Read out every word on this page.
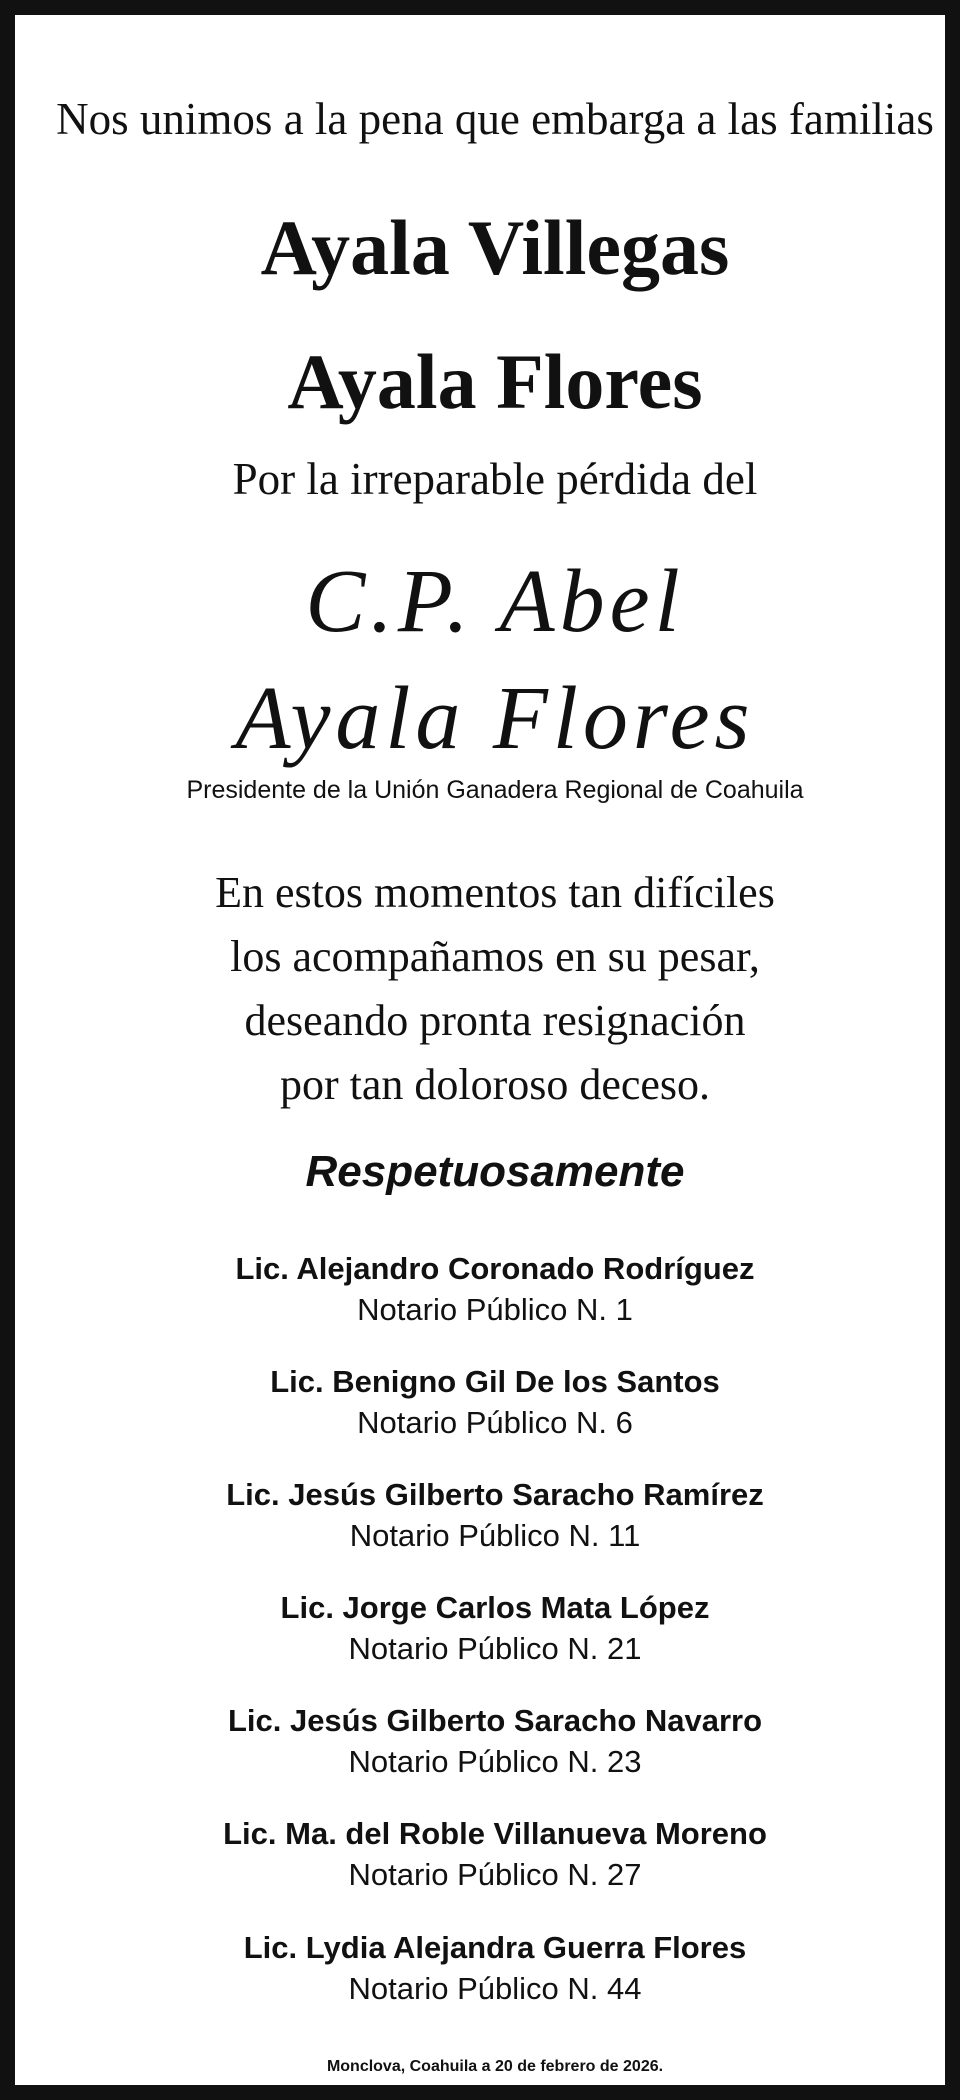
Nos unimos a la pena que embarga a las familias

Ayala Villegas

Ayala Flores

Por la irreparable pérdida del

C.P. Abel

Ayala Flores

Presidente de la Unión Ganadera Regional de Coahuila

En estos momentos tan difíciles

los acompañamos en su pesar,

deseando pronta resignación

por tan doloroso deceso.

Respetuosamente

Lic. Alejandro Coronado Rodríguez

Notario Público N. 1

Lic. Benigno Gil De los Santos

Notario Público N. 6

Lic. Jesús Gilberto Saracho Ramírez

Notario Público N. 11

Lic. Jorge Carlos Mata López

Notario Público N. 21

Lic. Jesús Gilberto Saracho Navarro

Notario Público N. 23

Lic. Ma. del Roble Villanueva Moreno

Notario Público N. 27

Lic. Lydia Alejandra Guerra Flores

Notario Público N. 44

Monclova, Coahuila a 20 de febrero de 2026.
